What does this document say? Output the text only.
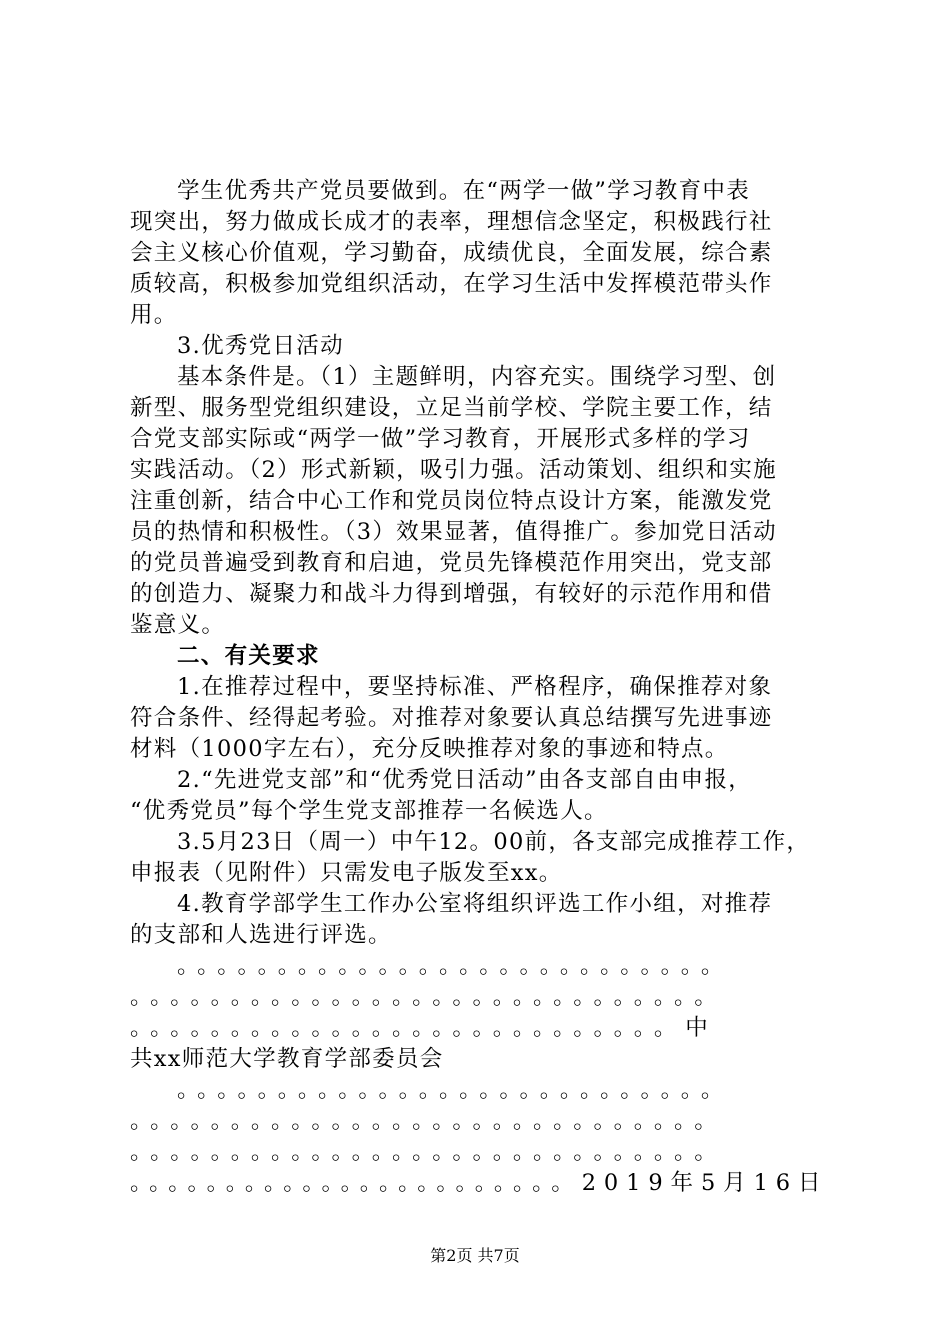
学生优秀共产党员要做到。在“两学一做”学习教育中表
现突出，努力做成长成才的表率，理想信念坚定，积极践行社
会主义核心价值观，学习勤奋，成绩优良，全面发展，综合素
质较高，积极参加党组织活动，在学习生活中发挥模范带头作
用。
3.优秀党日活动
基本条件是。（1）主题鲜明，内容充实。围绕学习型、创
新型、服务型党组织建设，立足当前学校、学院主要工作，结
合党支部实际或“两学一做”学习教育，开展形式多样的学习
实践活动。（2）形式新颖，吸引力强。活动策划、组织和实施
注重创新，结合中心工作和党员岗位特点设计方案，能激发党
员的热情和积极性。（3）效果显著，值得推广。参加党日活动
的党员普遍受到教育和启迪，党员先锋模范作用突出，党支部
的创造力、凝聚力和战斗力得到增强，有较好的示范作用和借
鉴意义。
二、有关要求
1.在推荐过程中，要坚持标准、严格程序，确保推荐对象
符合条件、经得起考验。对推荐对象要认真总结撰写先进事迹
材料（1000字左右），充分反映推荐对象的事迹和特点。
2.“先进党支部”和“优秀党日活动”由各支部自由申报，
“优秀党员”每个学生党支部推荐一名候选人。
3.5月23日（周一）中午12。00前，各支部完成推荐工作，
申报表（见附件）只需发电子版发至xx。
4.教育学部学生工作办公室将组织评选工作小组，对推荐
的支部和人选进行评选。
。。。。。。。。。。。。。。。。。。。。。。。。。。。
。。。。。。。。。。。。。。。。。。。。。。。。。。。。。
。。。。。。。。。。。。。。。。。。。。。。。。。。。中
共xx师范大学教育学部委员会
。。。。。。。。。。。。。。。。。。。。。。。。。。。
。。。。。。。。。。。。。。。。。。。。。。。。。。。。。
。。。。。。。。。。。。。。。。。。。。。。。。。。。。。
。。。。。。。。。。。。。。。。。。。。。。。2019年5月16日
第2页 共7页
